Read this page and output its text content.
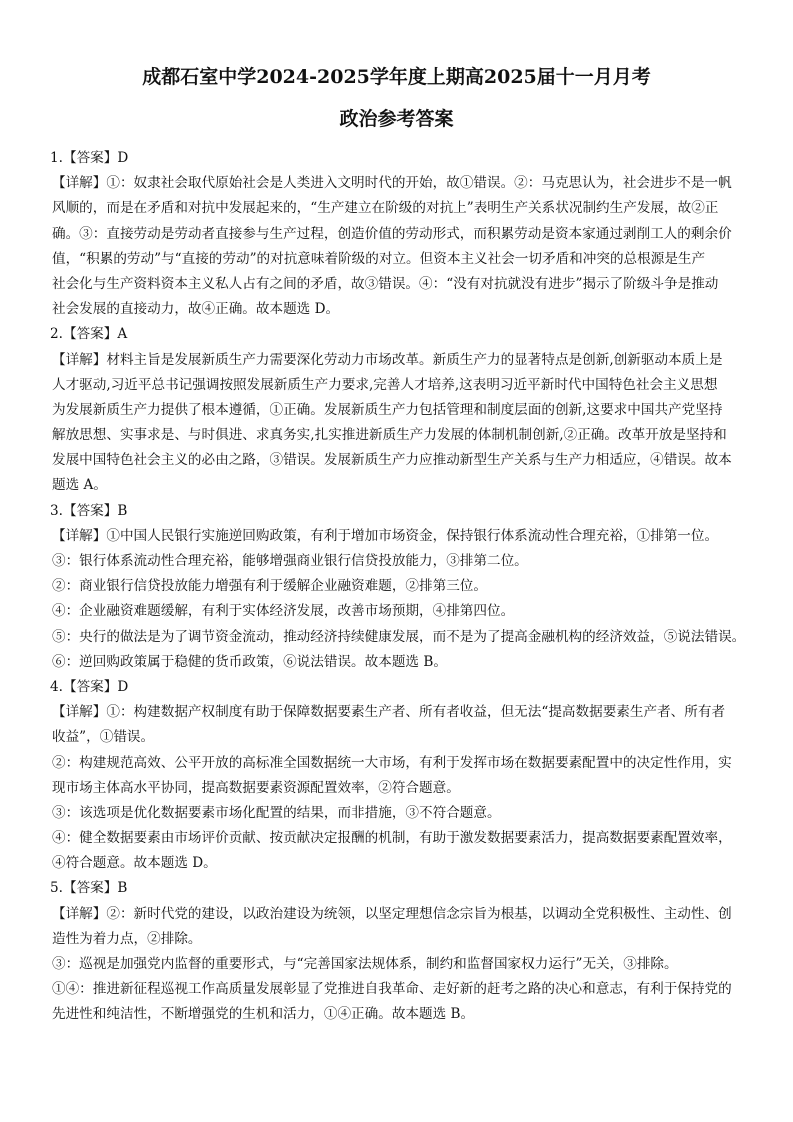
成都石室中学2024-2025学年度上期高2025届十一月月考
政治参考答案
1.【答案】D
【详解】①：奴隶社会取代原始社会是人类进入文明时代的开始，故①错误。②：马克思认为，社会进步不是一帆
风顺的，而是在矛盾和对抗中发展起来的，“生产建立在阶级的对抗上”表明生产关系状况制约生产发展，故②正
确。③：直接劳动是劳动者直接参与生产过程，创造价值的劳动形式，而积累劳动是资本家通过剥削工人的剩余价
值，“积累的劳动”与“直接的劳动”的对抗意味着阶级的对立。但资本主义社会一切矛盾和冲突的总根源是生产
社会化与生产资料资本主义私人占有之间的矛盾，故③错误。④：“没有对抗就没有进步”揭示了阶级斗争是推动
社会发展的直接动力，故④正确。故本题选 D。
2.【答案】A
【详解】材料主旨是发展新质生产力需要深化劳动力市场改革。新质生产力的显著特点是创新,创新驱动本质上是
人才驱动,习近平总书记强调按照发展新质生产力要求,完善人才培养,这表明习近平新时代中国特色社会主义思想
为发展新质生产力提供了根本遵循，①正确。发展新质生产力包括管理和制度层面的创新,这要求中国共产党坚持
解放思想、实事求是、与时俱进、求真务实,扎实推进新质生产力发展的体制机制创新,②正确。改革开放是坚持和
发展中国特色社会主义的必由之路，③错误。发展新质生产力应推动新型生产关系与生产力相适应，④错误。故本
题选 A。
3.【答案】B
【详解】①中国人民银行实施逆回购政策，有利于增加市场资金，保持银行体系流动性合理充裕，①排第一位。
③：银行体系流动性合理充裕，能够增强商业银行信贷投放能力，③排第二位。
②：商业银行信贷投放能力增强有利于缓解企业融资难题，②排第三位。
④：企业融资难题缓解，有利于实体经济发展，改善市场预期，④排第四位。
⑤：央行的做法是为了调节资金流动，推动经济持续健康发展，而不是为了提高金融机构的经济效益，⑤说法错误。
⑥：逆回购政策属于稳健的货币政策，⑥说法错误。故本题选 B。
4.【答案】D
【详解】①：构建数据产权制度有助于保障数据要素生产者、所有者收益，但无法“提高数据要素生产者、所有者
收益”，①错误。
②：构建规范高效、公平开放的高标准全国数据统一大市场，有利于发挥市场在数据要素配置中的决定性作用，实
现市场主体高水平协同，提高数据要素资源配置效率，②符合题意。
③：该选项是优化数据要素市场化配置的结果，而非措施，③不符合题意。
④：健全数据要素由市场评价贡献、按贡献决定报酬的机制，有助于激发数据要素活力，提高数据要素配置效率，
④符合题意。故本题选 D。
5.【答案】B
【详解】②：新时代党的建设，以政治建设为统领，以坚定理想信念宗旨为根基，以调动全党积极性、主动性、创
造性为着力点，②排除。
③：巡视是加强党内监督的重要形式，与“完善国家法规体系，制约和监督国家权力运行”无关，③排除。
①④：推进新征程巡视工作高质量发展彰显了党推进自我革命、走好新的赶考之路的决心和意志，有利于保持党的
先进性和纯洁性，不断增强党的生机和活力，①④正确。故本题选 B。
